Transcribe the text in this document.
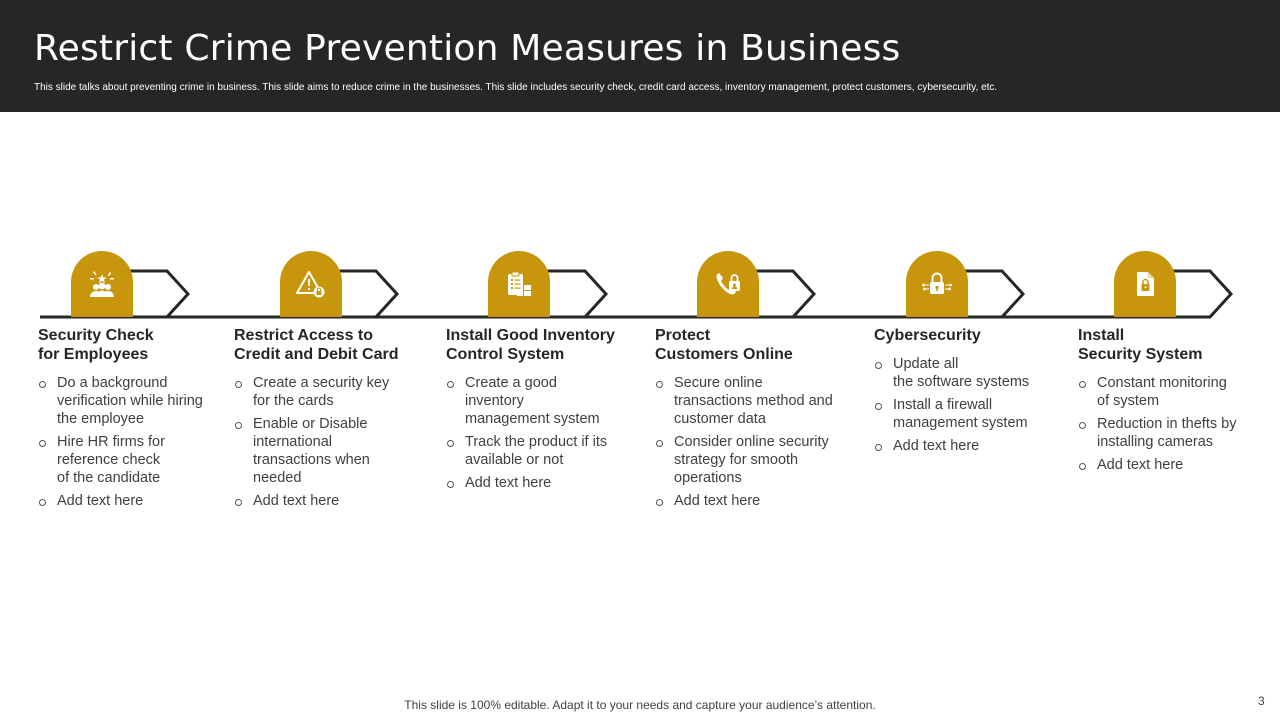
Restrict Crime Prevention Measures in Business
This slide talks about preventing crime in business. This slide aims to reduce crime in the businesses. This slide includes security check, credit card access, inventory management, protect customers, cybersecurity, etc.
Security Check
for Employees
Do a background
verification while hiring
the employee
Hire HR firms for
reference check
of the candidate
Add text here
Restrict Access to
Credit and Debit Card
Create a security key
for the cards
Enable or Disable
international
transactions when
needed
Add text here
Install Good Inventory
Control System
Create a good
inventory
management system
Track the product if its
available or not
Add text here
Protect
Customers Online
Secure online
transactions method and
customer data
Consider online security
strategy for smooth
operations
Add text here
Cybersecurity
Update all
the software systems
Install a firewall
management system
Add text here
Install
Security System
Constant monitoring
of system
Reduction in thefts by
installing cameras
Add text here
This slide is 100% editable. Adapt it to your needs and capture your audience’s attention.	3
